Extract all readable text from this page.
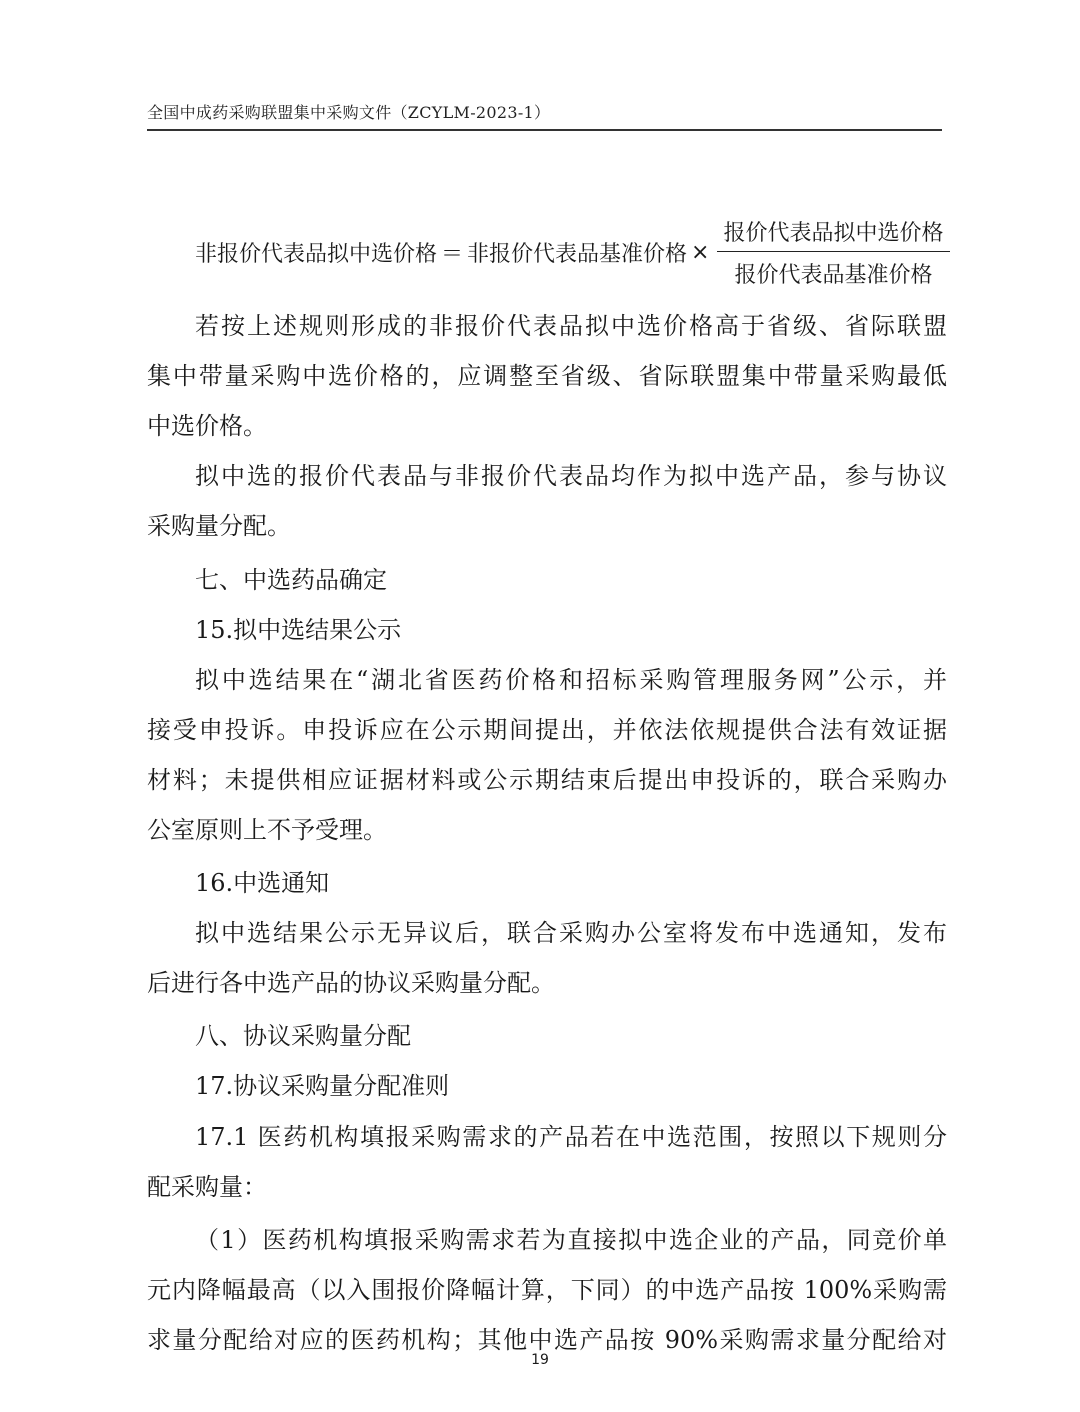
全国中成药采购联盟集中采购文件（ZCYLM-2023-1）
非报价代表品拟中选价格 ＝ 非报价代表品基准价格 × $\frac{\text{报价代表品拟中选价格}}{\text{报价代表品基准价格}}$
若按上述规则形成的非报价代表品拟中选价格高于省级、省际联盟
集中带量采购中选价格的，应调整至省级、省际联盟集中带量采购最低
中选价格。
拟中选的报价代表品与非报价代表品均作为拟中选产品，参与协议
采购量分配。
七、中选药品确定
15.拟中选结果公示
拟中选结果在“湖北省医药价格和招标采购管理服务网”公示，并
接受申投诉。申投诉应在公示期间提出，并依法依规提供合法有效证据
材料；未提供相应证据材料或公示期结束后提出申投诉的，联合采购办
公室原则上不予受理。
16.中选通知
拟中选结果公示无异议后，联合采购办公室将发布中选通知，发布
后进行各中选产品的协议采购量分配。
八、协议采购量分配
17.协议采购量分配准则
17.1 医药机构填报采购需求的产品若在中选范围，按照以下规则分
配采购量：
（1）医药机构填报采购需求若为直接拟中选企业的产品，同竞价单
元内降幅最高（以入围报价降幅计算，下同）的中选产品按 100%采购需
求量分配给对应的医药机构；其他中选产品按 90%采购需求量分配给对
19
